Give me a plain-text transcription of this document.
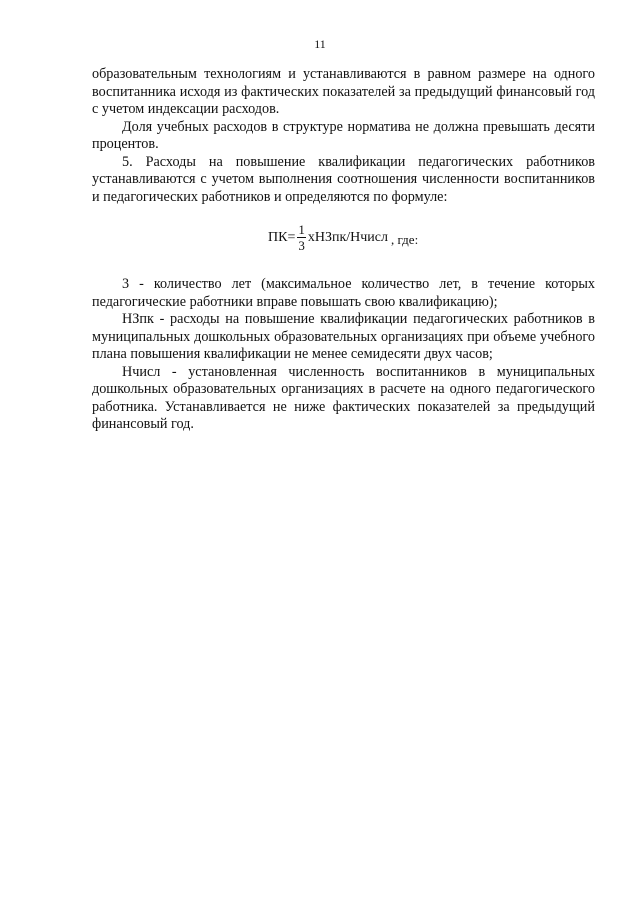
11

образовательным технологиям и устанавливаются в равном размере на одного воспитанника исходя из фактических показателей за предыдущий финансовый год с учетом индексации расходов.

Доля учебных расходов в структуре норматива не должна превышать десяти процентов.

5. Расходы на повышение квалификации педагогических работников устанавливаются с учетом выполнения соотношения численности воспитанников и педагогических работников и определяются по формуле:

$ПК= \frac{1}{3}$ хНЗпк/Нчисл , где:

3 - количество лет (максимальное количество лет, в течение которых педагогические работники вправе повышать свою квалификацию);

НЗпк - расходы на повышение квалификации педагогических работников в муниципальных дошкольных образовательных организациях при объеме учебного плана повышения квалификации не менее семидесяти двух часов;

Нчисл - установленная численность воспитанников в муниципальных дошкольных образовательных организациях в расчете на одного педагогического работника. Устанавливается не ниже фактических показателей за предыдущий финансовый год.
